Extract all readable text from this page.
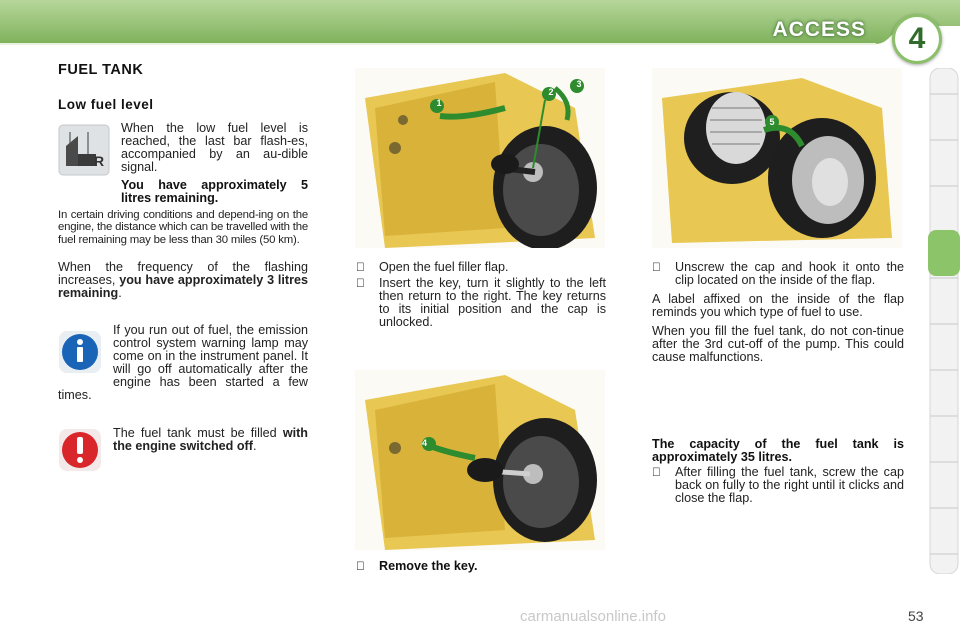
ACCESS	4
FUEL TANK
Low fuel level
R
When the low fuel level is reached, the last bar flash-es, accompanied by an au-dible signal.
You have approximately 5 litres remaining.
In certain driving conditions and depend-ing on the engine, the distance which can be travelled with the fuel remaining may be less than 30 miles (50 km).
When the frequency of the flashing increases, you have approximately 3 litres remaining.
If you run out of fuel, the emission control system warning lamp may come on in the instrument panel. It will go off automatically after the engine has been started a few times.
The fuel tank must be filled with the engine switched off.
1
2
3
4
Open the fuel filler flap.
Insert the key, turn it slightly to the left then return to the right. The key returns to its initial position and the cap is unlocked.
Remove the key.
5
Unscrew the cap and hook it onto the clip located on the inside of the flap.
A label affixed on the inside of the flap reminds you which type of fuel to use.
When you fill the fuel tank, do not con-tinue after the 3rd cut-off of the pump. This could cause malfunctions.
The capacity of the fuel tank is approximately 35 litres.
After filling the fuel tank, screw the cap back on fully to the right until it clicks and close the flap.
53
carmanualsonline.info
